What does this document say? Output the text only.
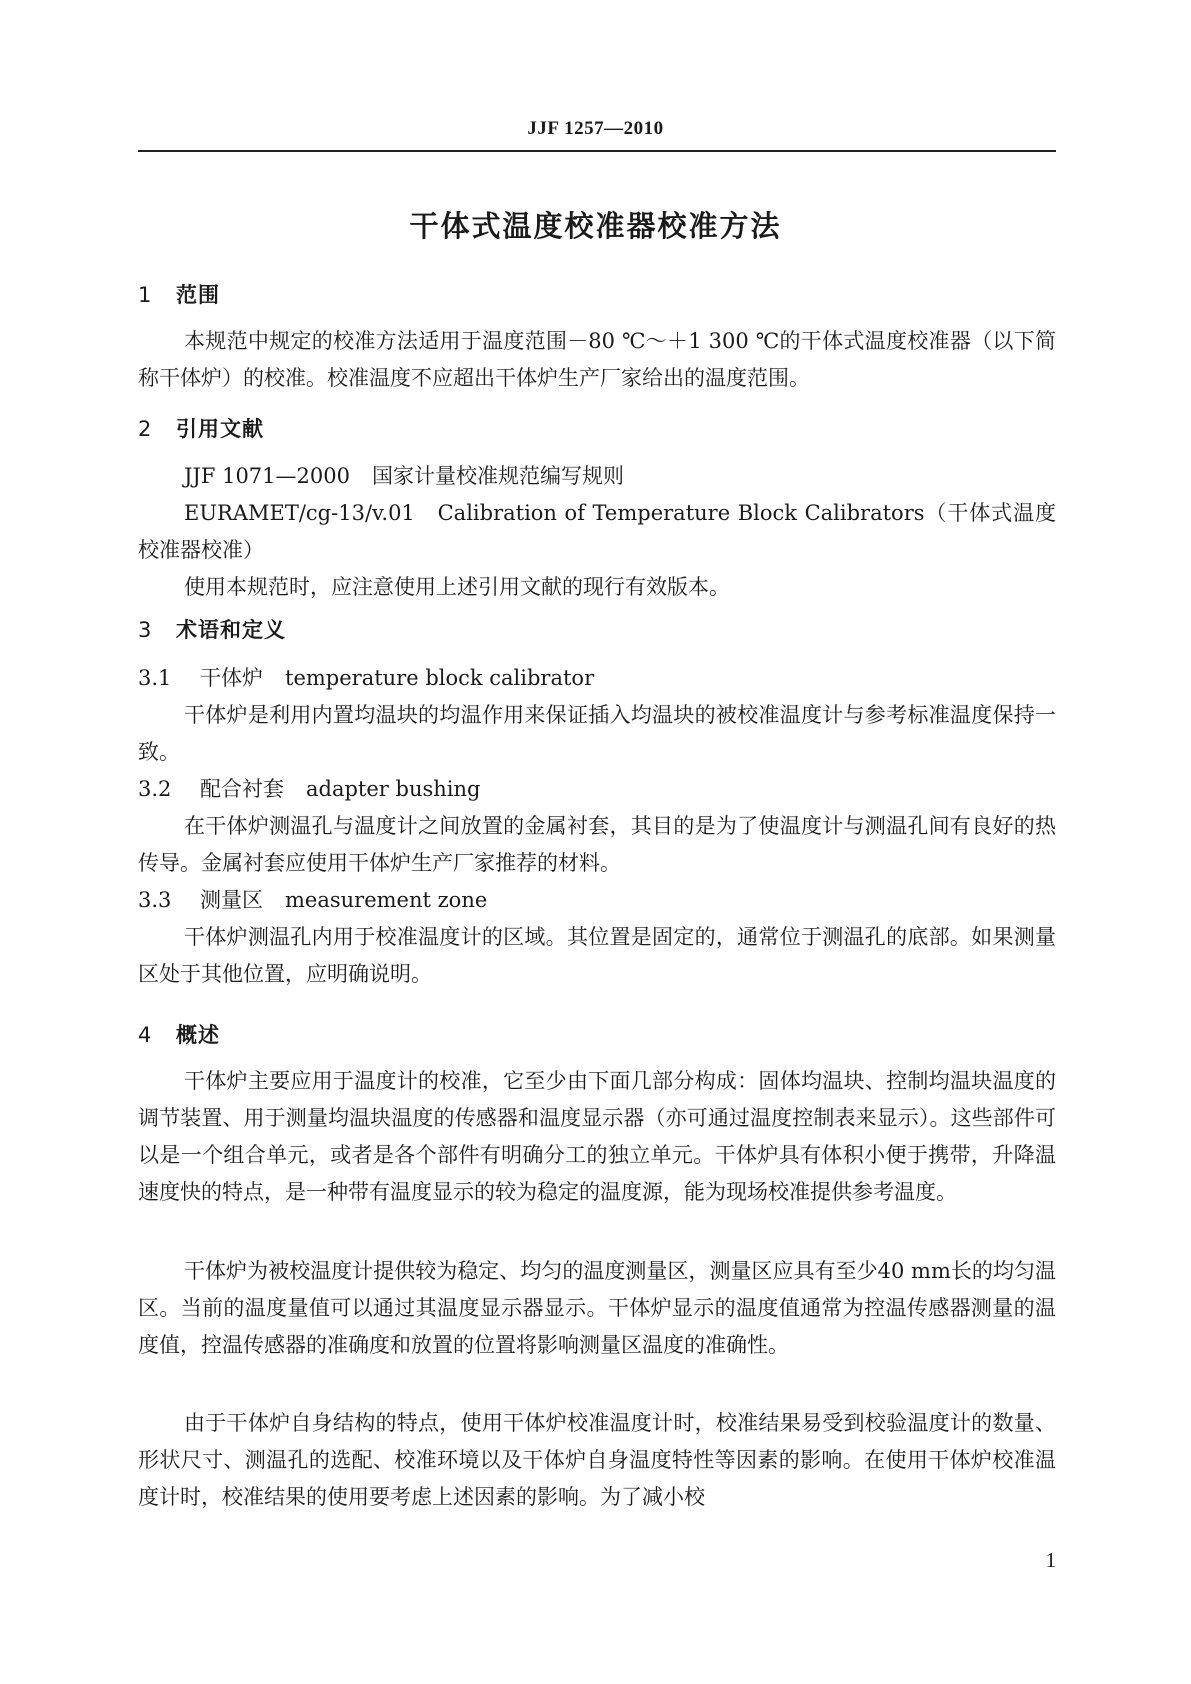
JJF 1257—2010
干体式温度校准器校准方法
1 范围
本规范中规定的校准方法适用于温度范围－80 ℃～＋1 300 ℃的干体式温度校准器（以下简称干体炉）的校准。校准温度不应超出干体炉生产厂家给出的温度范围。
2 引用文献
JJF 1071—2000 国家计量校准规范编写规则
EURAMET/cg-13/v.01　Calibration of Temperature Block Calibrators（干体式温度校准器校准）
使用本规范时，应注意使用上述引用文献的现行有效版本。
3 术语和定义
3.1 干体炉 temperature block calibrator
干体炉是利用内置均温块的均温作用来保证插入均温块的被校准温度计与参考标准温度保持一致。
3.2 配合衬套 adapter bushing
在干体炉测温孔与温度计之间放置的金属衬套，其目的是为了使温度计与测温孔间有良好的热传导。金属衬套应使用干体炉生产厂家推荐的材料。
3.3 测量区 measurement zone
干体炉测温孔内用于校准温度计的区域。其位置是固定的，通常位于测温孔的底部。如果测量区处于其他位置，应明确说明。
4 概述
干体炉主要应用于温度计的校准，它至少由下面几部分构成：固体均温块、控制均温块温度的调节装置、用于测量均温块温度的传感器和温度显示器（亦可通过温度控制表来显示）。这些部件可以是一个组合单元，或者是各个部件有明确分工的独立单元。干体炉具有体积小便于携带，升降温速度快的特点，是一种带有温度显示的较为稳定的温度源，能为现场校准提供参考温度。
干体炉为被校温度计提供较为稳定、均匀的温度测量区，测量区应具有至少40 mm长的均匀温区。当前的温度量值可以通过其温度显示器显示。干体炉显示的温度值通常为控温传感器测量的温度值，控温传感器的准确度和放置的位置将影响测量区温度的准确性。
由于干体炉自身结构的特点，使用干体炉校准温度计时，校准结果易受到校验温度计的数量、形状尺寸、测温孔的选配、校准环境以及干体炉自身温度特性等因素的影响。在使用干体炉校准温度计时，校准结果的使用要考虑上述因素的影响。为了减小校
1
